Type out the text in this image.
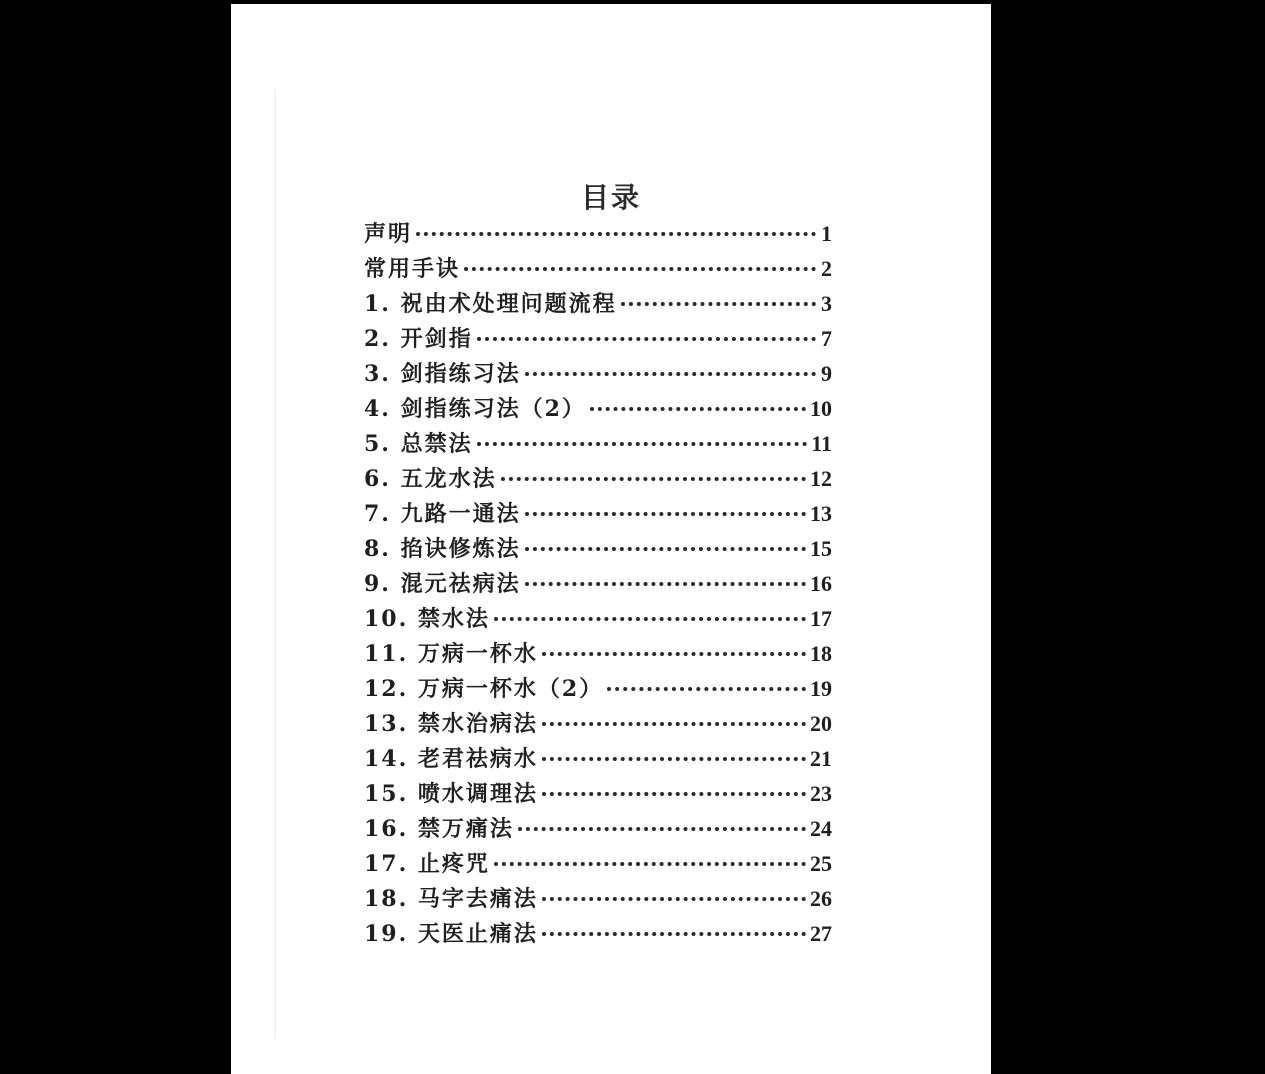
目录
声明	1
常用手诀	2
1. 祝由术处理问题流程	3
2. 开剑指	7
3. 剑指练习法	9
4. 剑指练习法（2）	10
5. 总禁法	11
6. 五龙水法	12
7. 九路一通法	13
8. 掐诀修炼法	15
9. 混元祛病法	16
10. 禁水法	17
11. 万病一杯水	18
12. 万病一杯水（2）	19
13. 禁水治病法	20
14. 老君祛病水	21
15. 喷水调理法	23
16. 禁万痛法	24
17. 止疼咒	25
18. 马字去痛法	26
19. 天医止痛法	27
